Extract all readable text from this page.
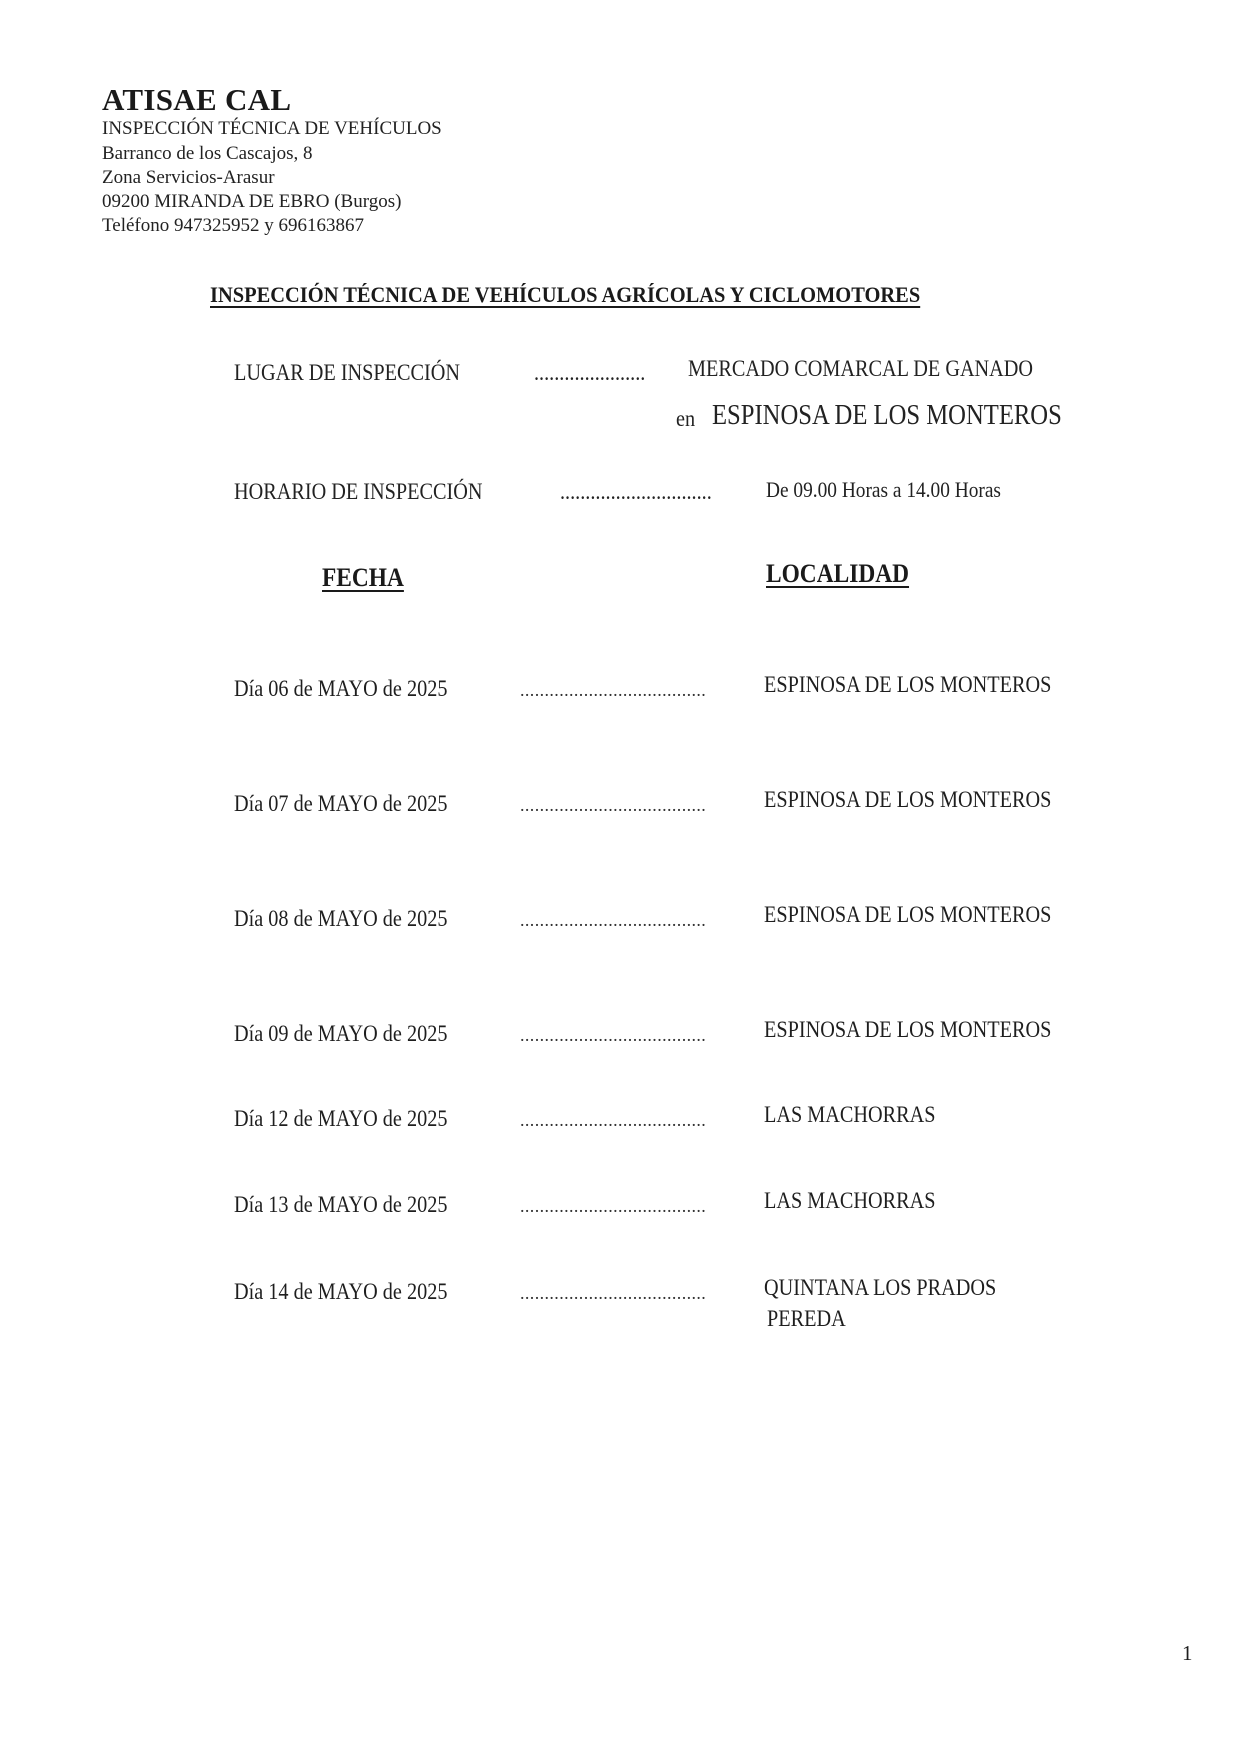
ATISAE CAL
INSPECCIÓN TÉCNICA DE VEHÍCULOS
Barranco de los Cascajos, 8
Zona Servicios-Arasur
09200 MIRANDA DE EBRO (Burgos)
Teléfono 947325952 y 696163867
INSPECCIÓN TÉCNICA DE VEHÍCULOS AGRÍCOLAS Y CICLOMOTORES
LUGAR DE INSPECCIÓN	...................... MERCADO COMARCAL DE GANADO
en ESPINOSA DE LOS MONTEROS
HORARIO DE INSPECCIÓN	.............................. De 09.00 Horas a 14.00 Horas
FECHA	LOCALIDAD
Día 06 de MAYO de 2025	......................................	ESPINOSA DE LOS MONTEROS
Día 07 de MAYO de 2025	......................................	ESPINOSA DE LOS MONTEROS
Día 08 de MAYO de 2025	......................................	ESPINOSA DE LOS MONTEROS
Día 09 de MAYO de 2025	......................................	ESPINOSA DE LOS MONTEROS
Día 12 de MAYO de 2025	......................................	LAS MACHORRAS
Día 13 de MAYO de 2025	......................................	LAS MACHORRAS
Día 14 de MAYO de 2025	......................................	QUINTANA LOS PRADOS
PEREDA
1
